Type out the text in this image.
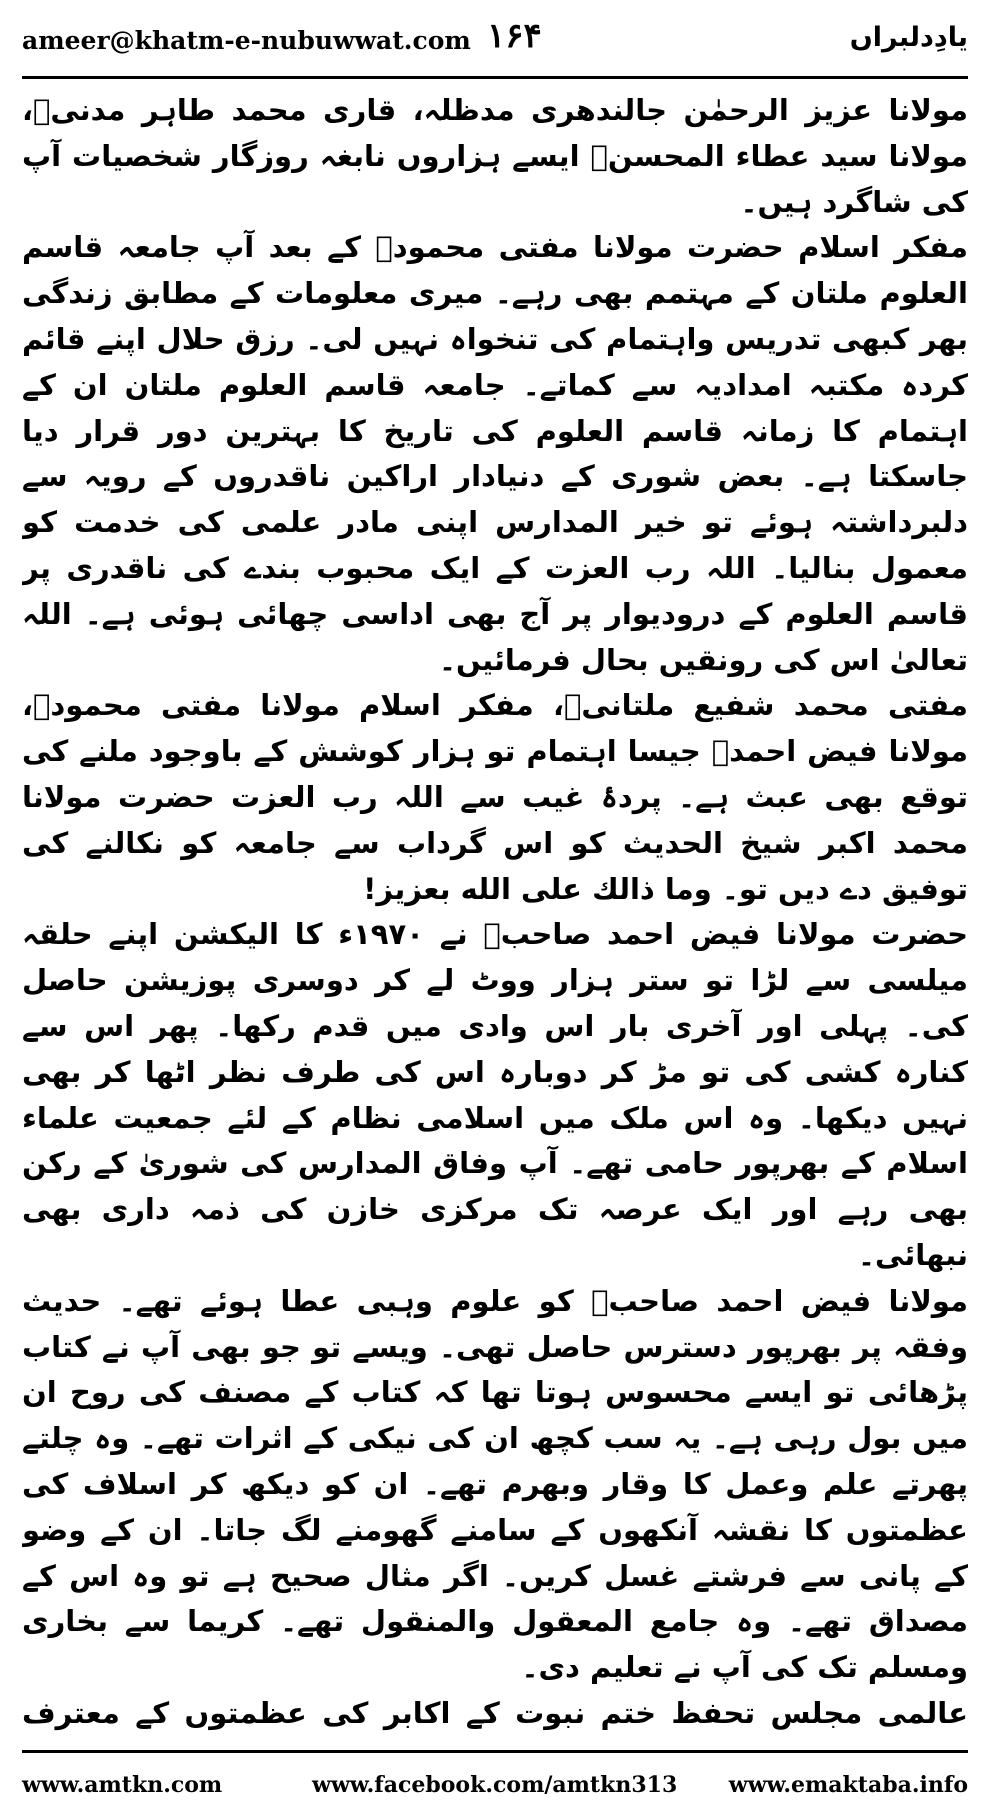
ameer@khatm-e-nubuwwat.com ۱۶۴	یادِدلبراں

مولانا عزیز الرحمٰن جالندھری مدظلہ، قاری محمد طاہر مدنیؒ، مولانا سید عطاء المحسنؒ ایسے ہزاروں نابغہ روزگار شخصیات آپ کی شاگرد ہیں۔

مفکر اسلام حضرت مولانا مفتی محمودؒ کے بعد آپ جامعہ قاسم العلوم ملتان کے مہتمم بھی رہے۔ میری معلومات کے مطابق زندگی بھر کبھی تدریس واہتمام کی تنخواہ نہیں لی۔ رزق حلال اپنے قائم کردہ مکتبہ امدادیہ سے کماتے۔ جامعہ قاسم العلوم ملتان ان کے اہتمام کا زمانہ قاسم العلوم کی تاریخ کا بہترین دور قرار دیا جاسکتا ہے۔ بعض شوری کے دنیادار اراکین ناقدروں کے رویہ سے دلبرداشتہ ہوئے تو خیر المدارس اپنی مادر علمی کی خدمت کو معمول بنالیا۔ اللہ رب العزت کے ایک محبوب بندے کی ناقدری پر قاسم العلوم کے درودیوار پر آج بھی اداسی چھائی ہوئی ہے۔ اللہ تعالیٰ اس کی رونقیں بحال فرمائیں۔

مفتی محمد شفیع ملتانیؒ، مفکر اسلام مولانا مفتی محمودؒ، مولانا فیض احمدؒ جیسا اہتمام تو ہزار کوشش کے باوجود ملنے کی توقع بھی عبث ہے۔ پردۂ غیب سے اللہ رب العزت حضرت مولانا محمد اکبر شیخ الحدیث کو اس گرداب سے جامعہ کو نکالنے کی توفیق دے دیں تو۔ وما ذالك على الله بعزيز!

حضرت مولانا فیض احمد صاحبؒ نے ۱۹۷۰ء کا الیکشن اپنے حلقہ میلسی سے لڑا تو ستر ہزار ووٹ لے کر دوسری پوزیشن حاصل کی۔ پہلی اور آخری بار اس وادی میں قدم رکھا۔ پھر اس سے کنارہ کشی کی تو مڑ کر دوبارہ اس کی طرف نظر اٹھا کر بھی نہیں دیکھا۔ وہ اس ملک میں اسلامی نظام کے لئے جمعیت علماء اسلام کے بھرپور حامی تھے۔ آپ وفاق المدارس کی شوریٰ کے رکن بھی رہے اور ایک عرصہ تک مرکزی خازن کی ذمہ داری بھی نبھائی۔

مولانا فیض احمد صاحبؒ کو علوم وہبی عطا ہوئے تھے۔ حدیث وفقہ پر بھرپور دسترس حاصل تھی۔ ویسے تو جو بھی آپ نے کتاب پڑھائی تو ایسے محسوس ہوتا تھا کہ کتاب کے مصنف کی روح ان میں بول رہی ہے۔ یہ سب کچھ ان کی نیکی کے اثرات تھے۔ وہ چلتے پھرتے علم وعمل کا وقار وبھرم تھے۔ ان کو دیکھ کر اسلاف کی عظمتوں کا نقشہ آنکھوں کے سامنے گھومنے لگ جاتا۔ ان کے وضو کے پانی سے فرشتے غسل کریں۔ اگر مثال صحیح ہے تو وہ اس کے مصداق تھے۔ وہ جامع المعقول والمنقول تھے۔ کریما سے بخاری ومسلم تک کی آپ نے تعلیم دی۔

عالمی مجلس تحفظ ختم نبوت کے اکابر کی عظمتوں کے معترف

www.amtkn.com	www.facebook.com/amtkn313 www.emaktaba.info
